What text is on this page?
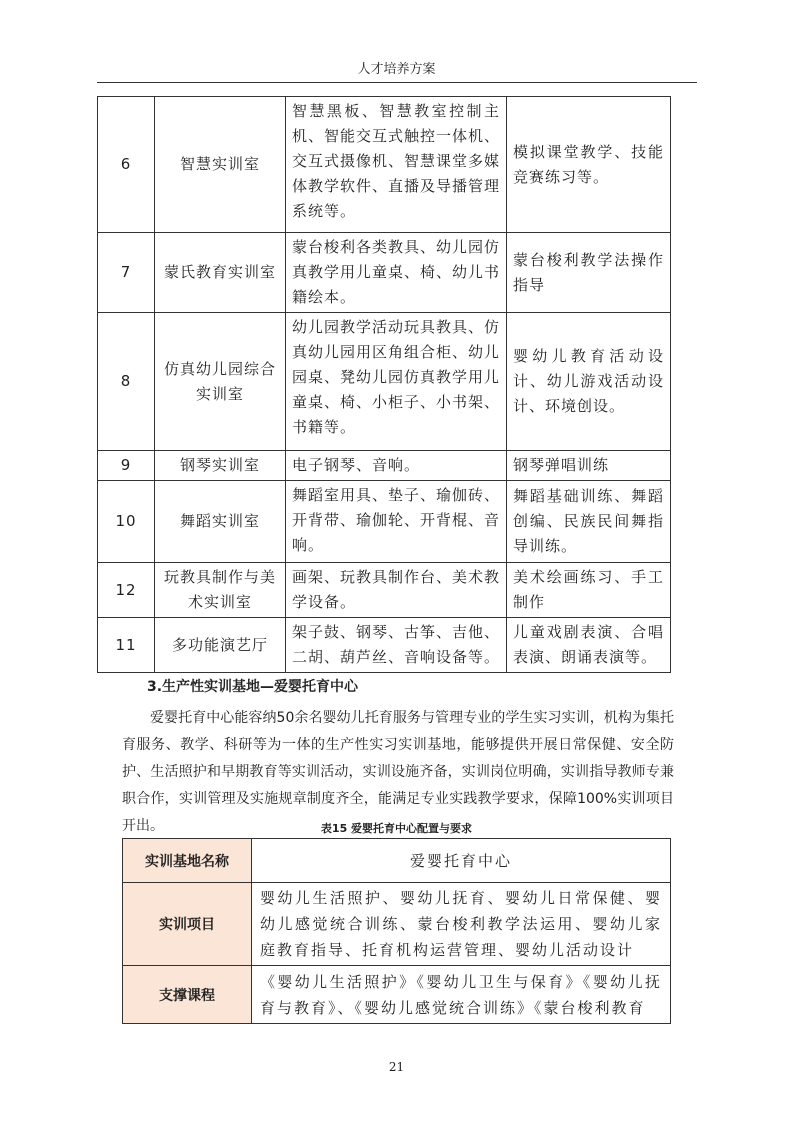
人才培养方案
6	智慧实训室	智慧黑板、智慧教室控制主机、智能交互式触控一体机、交互式摄像机、智慧课堂多媒体教学软件、直播及导播管理系统等。	模拟课堂教学、技能竞赛练习等。
7	蒙氏教育实训室	蒙台梭利各类教具、幼儿园仿真教学用儿童桌、椅、幼儿书籍绘本。	蒙台梭利教学法操作指导
8	仿真幼儿园综合实训室	幼儿园教学活动玩具教具、仿真幼儿园用区角组合柜、幼儿园桌、凳幼儿园仿真教学用儿童桌、椅、小柜子、小书架、书籍等。	婴幼儿教育活动设计、幼儿游戏活动设计、环境创设。
9	钢琴实训室	电子钢琴、音响。	钢琴弹唱训练
10	舞蹈实训室	舞蹈室用具、垫子、瑜伽砖、开背带、瑜伽轮、开背棍、音响。	舞蹈基础训练、舞蹈创编、民族民间舞指导训练。
12	玩教具制作与美术实训室	画架、玩教具制作台、美术教学设备。	美术绘画练习、手工制作
11	多功能演艺厅	架子鼓、钢琴、古筝、吉他、二胡、葫芦丝、音响设备等。	儿童戏剧表演、合唱表演、朗诵表演等。
3.生产性实训基地—爱婴托育中心

爱婴托育中心能容纳50余名婴幼儿托育服务与管理专业的学生实习实训，机构为集托育服务、教学、科研等为一体的生产性实习实训基地，能够提供开展日常保健、安全防护、生活照护和早期教育等实训活动，实训设施齐备，实训岗位明确，实训指导教师专兼职合作，实训管理及实施规章制度齐全，能满足专业实践教学要求，保障100%实训项目开出。	表15 爱婴托育中心配置与要求
实训基地名称	爱婴托育中心
实训项目	婴幼儿生活照护、婴幼儿抚育、婴幼儿日常保健、婴幼儿感觉统合训练、蒙台梭利教学法运用、婴幼儿家庭教育指导、托育机构运营管理、婴幼儿活动设计
支撑课程	《婴幼儿生活照护》《婴幼儿卫生与保育》《婴幼儿抚育与教育》、《婴幼儿感觉统合训练》《蒙台梭利教育
21
